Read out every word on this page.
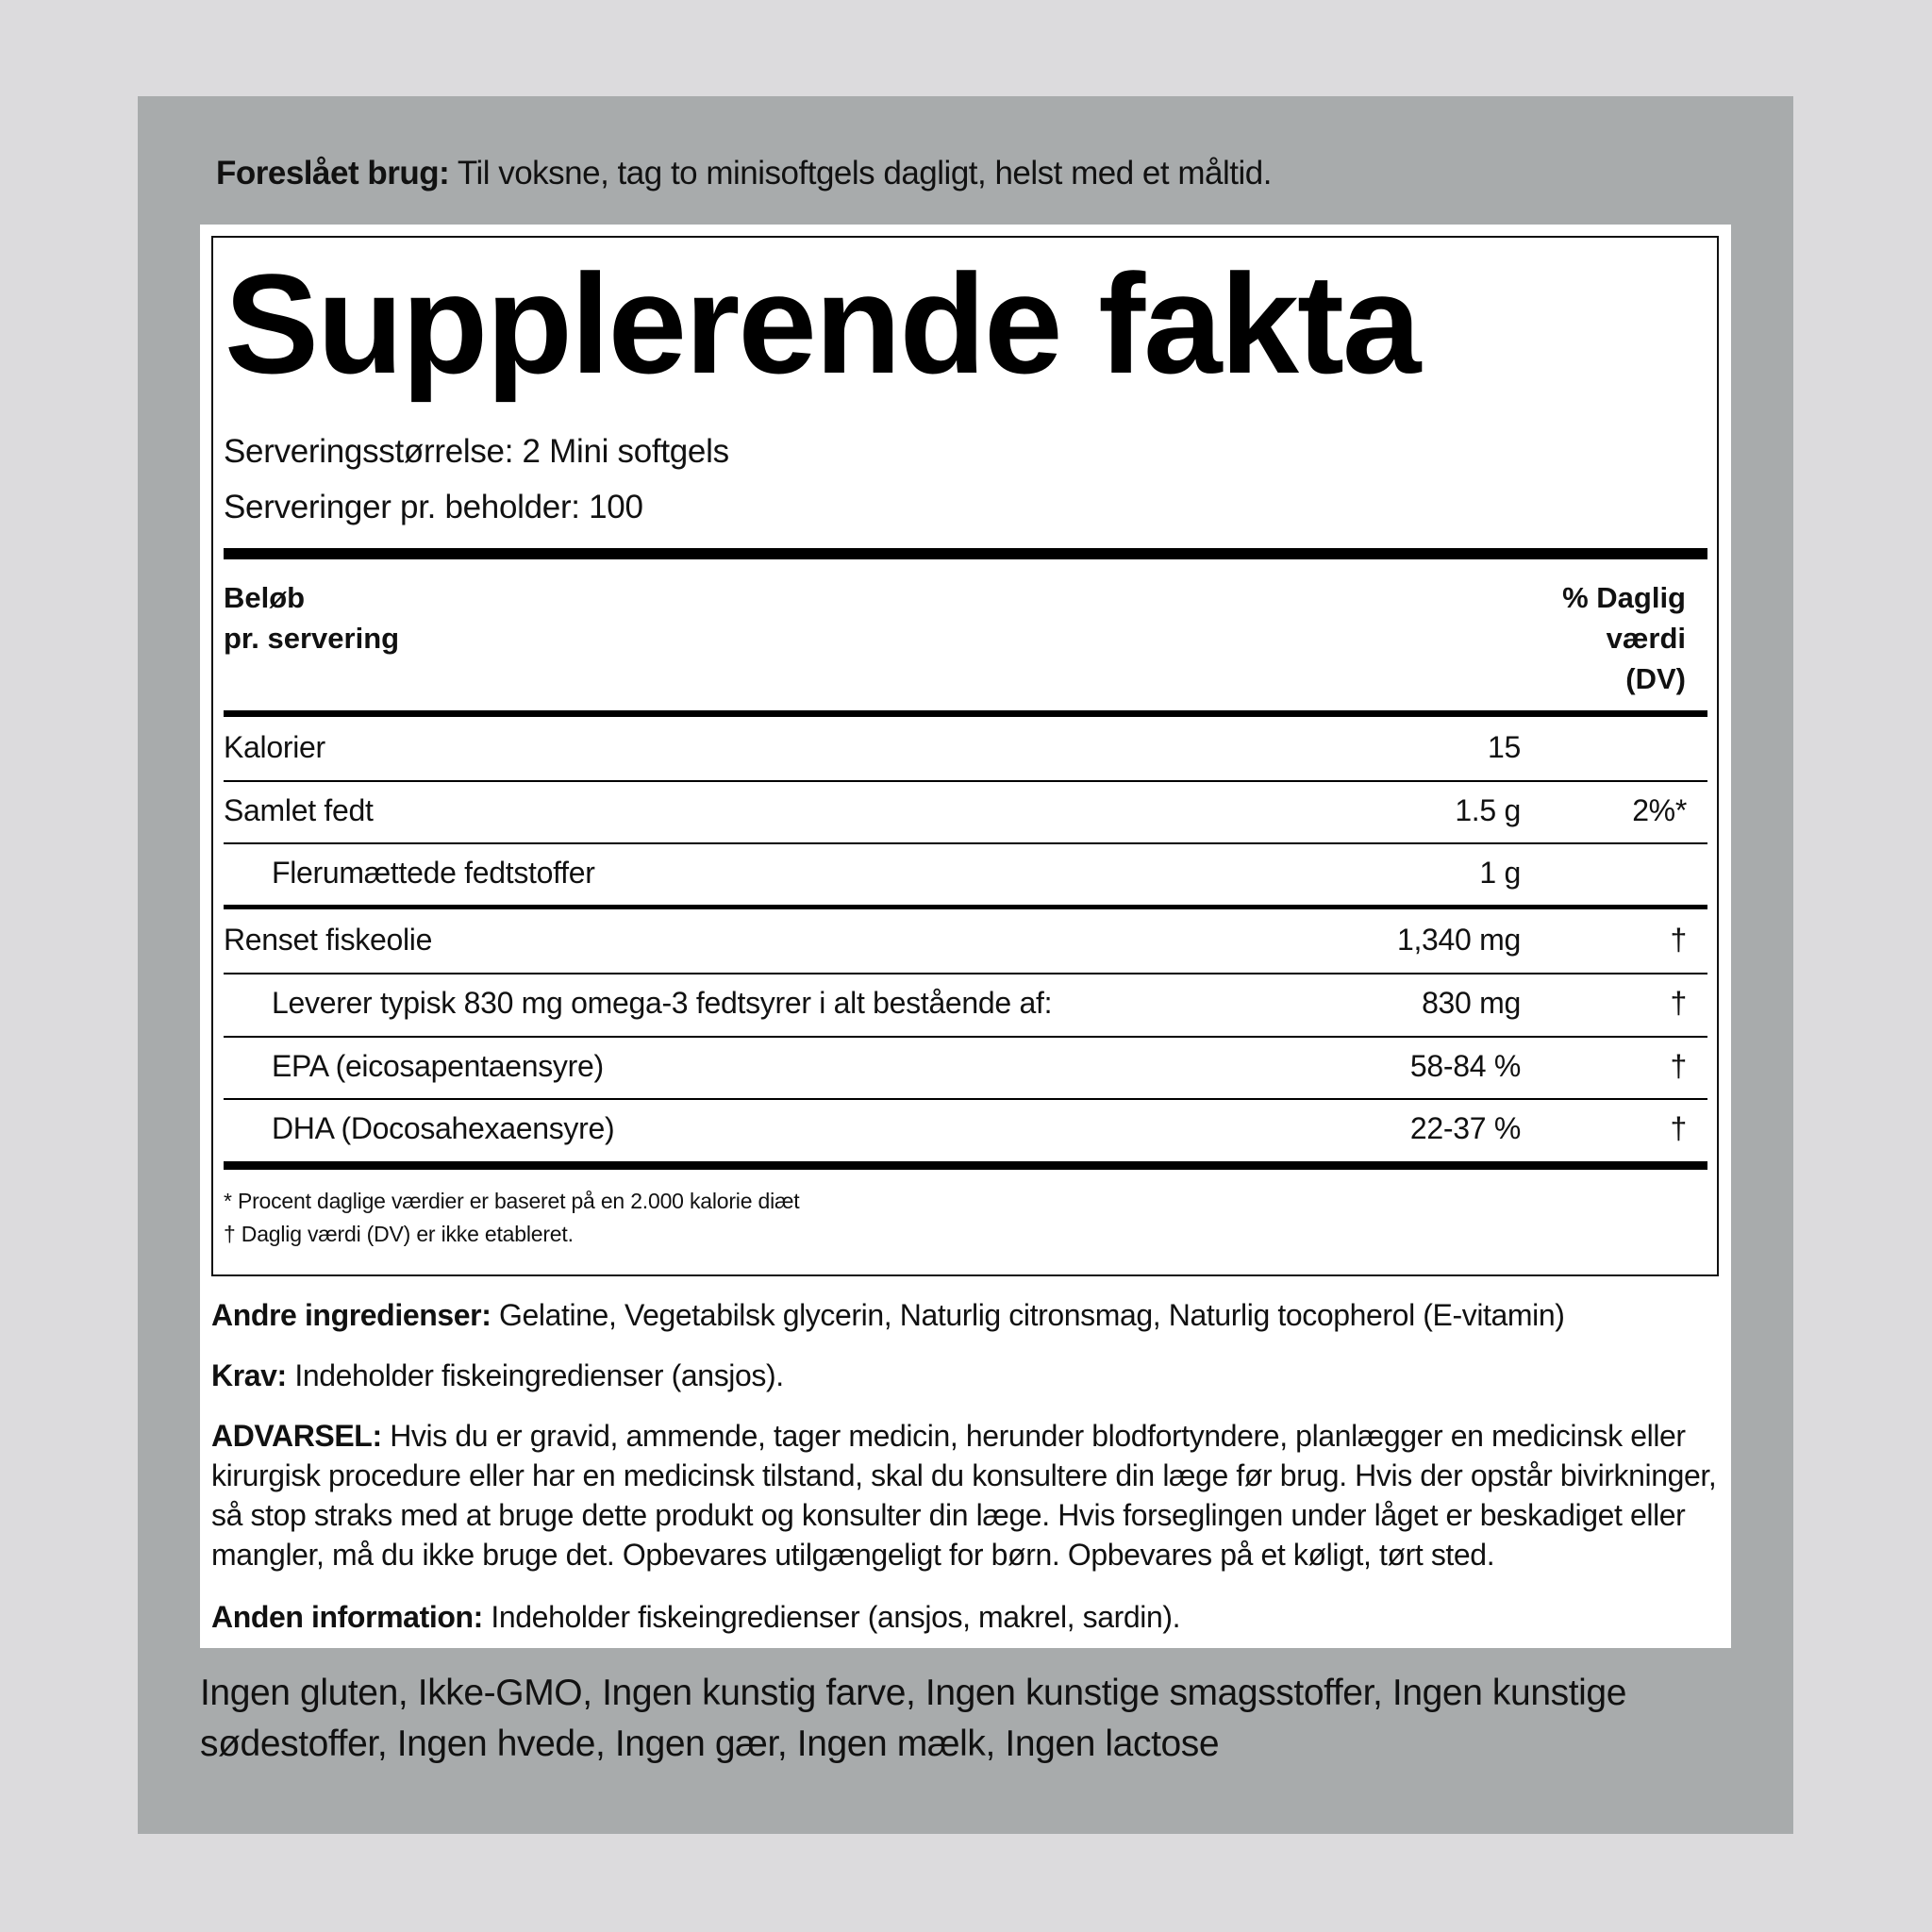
Foreslået brug: Til voksne, tag to minisoftgels dagligt, helst med et måltid.
Supplerende fakta
Serveringsstørrelse: 2 Mini softgels
Serveringer pr. beholder: 100
Beløb
pr. servering
% Daglig
værdi
(DV)
Kalorier	15
Samlet fedt	1.5 g	2%*
Flerumættede fedtstoffer	1 g
Renset fiskeolie	1,340 mg	†
Leverer typisk 830 mg omega-3 fedtsyrer i alt bestående af:	830 mg	†
EPA (eicosapentaensyre)	58-84 %	†
DHA (Docosahexaensyre)	22-37 %	†
* Procent daglige værdier er baseret på en 2.000 kalorie diæt
† Daglig værdi (DV) er ikke etableret.
Andre ingredienser: Gelatine, Vegetabilsk glycerin, Naturlig citronsmag, Naturlig tocopherol (E-vitamin)
Krav: Indeholder fiskeingredienser (ansjos).
ADVARSEL: Hvis du er gravid, ammende, tager medicin, herunder blodfortyndere, planlægger en medicinsk eller kirurgisk procedure eller har en medicinsk tilstand, skal du konsultere din læge før brug. Hvis der opstår bivirkninger, så stop straks med at bruge dette produkt og konsulter din læge. Hvis forseglingen under låget er beskadiget eller mangler, må du ikke bruge det. Opbevares utilgængeligt for børn. Opbevares på et køligt, tørt sted.
Anden information: Indeholder fiskeingredienser (ansjos, makrel, sardin).
Ingen gluten, Ikke-GMO, Ingen kunstig farve, Ingen kunstige smagsstoffer, Ingen kunstige sødestoffer, Ingen hvede, Ingen gær, Ingen mælk, Ingen lactose
